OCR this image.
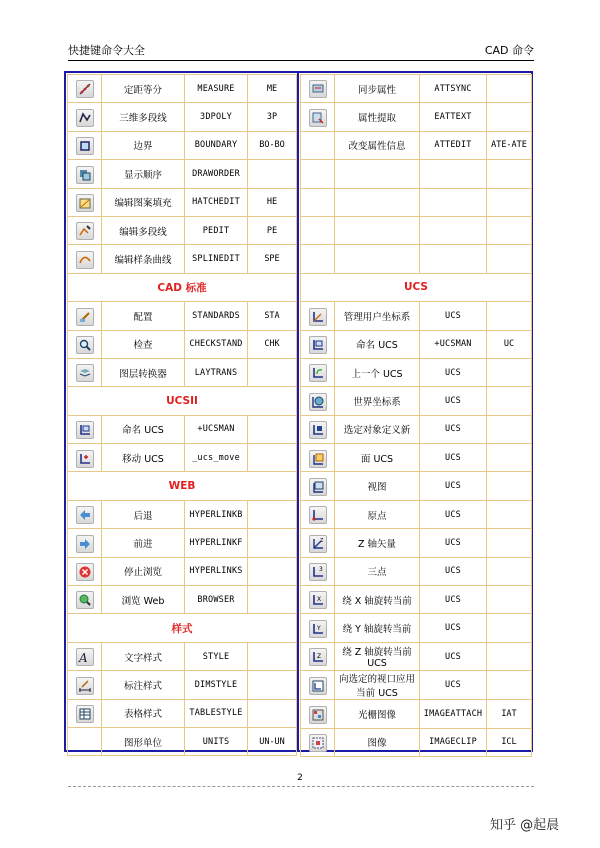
快捷键命令大全	CAD 命令
	定距等分	MEASURE	ME

	三维多段线	3DPOLY	3P

	边界	BOUNDARY	BO-BO

	显示顺序	DRAWORDER	

	编辑图案填充	HATCHEDIT	HE

	编辑多段线	PEDIT	PE

	编辑样条曲线	SPLINEDIT	SPE
CAD 标准			

	配置	STANDARDS	STA

	检查	CHECKSTAND	CHK

	图层转换器	LAYTRANS	
UCSII			

	命名 UCS	+UCSMAN	

	移动 UCS	_ucs_move	
WEB			

	后退	HYPERLINKB	

	前进	HYPERLINKF	

	停止浏览	HYPERLINKS	

	浏览 Web	BROWSER	
样式			

A	文字样式	STYLE	

	标注样式	DIMSTYLE	

	表格样式	TABLESTYLE	
	图形单位	UNITS	UN-UN
	同步属性	ATTSYNC	

	属性提取	EATTEXT	
	改变属性信息	ATTEDIT	ATE-ATE

UCS			

	管理用户坐标系	UCS	

	命名 UCS	+UCSMAN	UC

	上一个 UCS	UCS	

	世界坐标系	UCS	

	选定对象定义新	UCS	

	面 UCS	UCS	

	视图	UCS	

	原点	UCS	

Z	Z 轴矢量	UCS	

3	三点	UCS	

X	绕 X 轴旋转当前	UCS	

Y	绕 Y 轴旋转当前	UCS	

Z	绕 Z 轴旋转当前 UCS	UCS	

	向选定的视口应用当前 UCS	UCS	

	光栅图像	IMAGEATTACH	IAT

	图像	IMAGECLIP	ICL
2
知乎 @起晨
